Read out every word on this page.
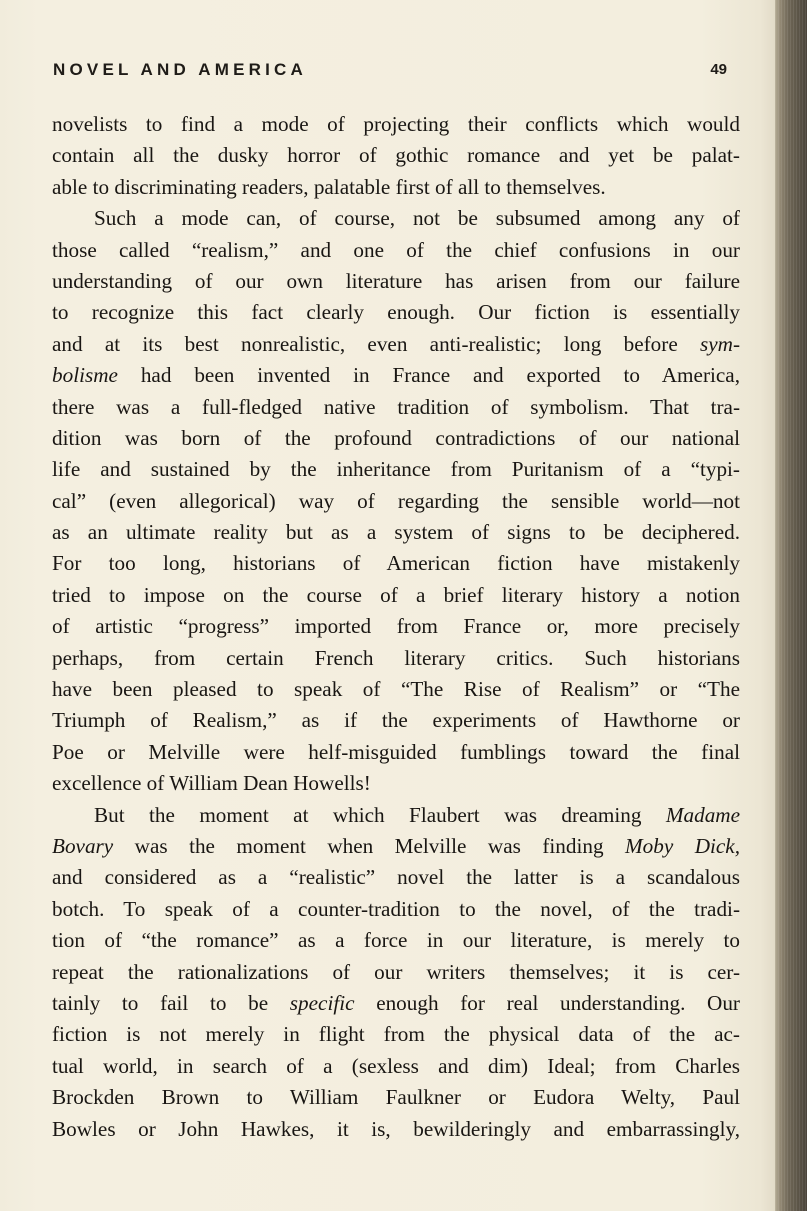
NOVEL AND AMERICA	49
novelists to find a mode of projecting their conflicts which would
contain all the dusky horror of gothic romance and yet be palat-
able to discriminating readers, palatable first of all to themselves.
Such a mode can, of course, not be subsumed among any of
those called “realism,” and one of the chief confusions in our
understanding of our own literature has arisen from our failure
to recognize this fact clearly enough. Our fiction is essentially
and at its best nonrealistic, even anti-realistic; long before sym-
bolisme had been invented in France and exported to America,
there was a full-fledged native tradition of symbolism. That tra-
dition was born of the profound contradictions of our national
life and sustained by the inheritance from Puritanism of a “typi-
cal” (even allegorical) way of regarding the sensible world—not
as an ultimate reality but as a system of signs to be deciphered.
For too long, historians of American fiction have mistakenly
tried to impose on the course of a brief literary history a notion
of artistic “progress” imported from France or, more precisely
perhaps, from certain French literary critics. Such historians
have been pleased to speak of “The Rise of Realism” or “The
Triumph of Realism,” as if the experiments of Hawthorne or
Poe or Melville were helf-misguided fumblings toward the final
excellence of William Dean Howells!
But the moment at which Flaubert was dreaming Madame
Bovary was the moment when Melville was finding Moby Dick,
and considered as a “realistic” novel the latter is a scandalous
botch. To speak of a counter-tradition to the novel, of the tradi-
tion of “the romance” as a force in our literature, is merely to
repeat the rationalizations of our writers themselves; it is cer-
tainly to fail to be specific enough for real understanding. Our
fiction is not merely in flight from the physical data of the ac-
tual world, in search of a (sexless and dim) Ideal; from Charles
Brockden Brown to William Faulkner or Eudora Welty, Paul
Bowles or John Hawkes, it is, bewilderingly and embarrassingly,
